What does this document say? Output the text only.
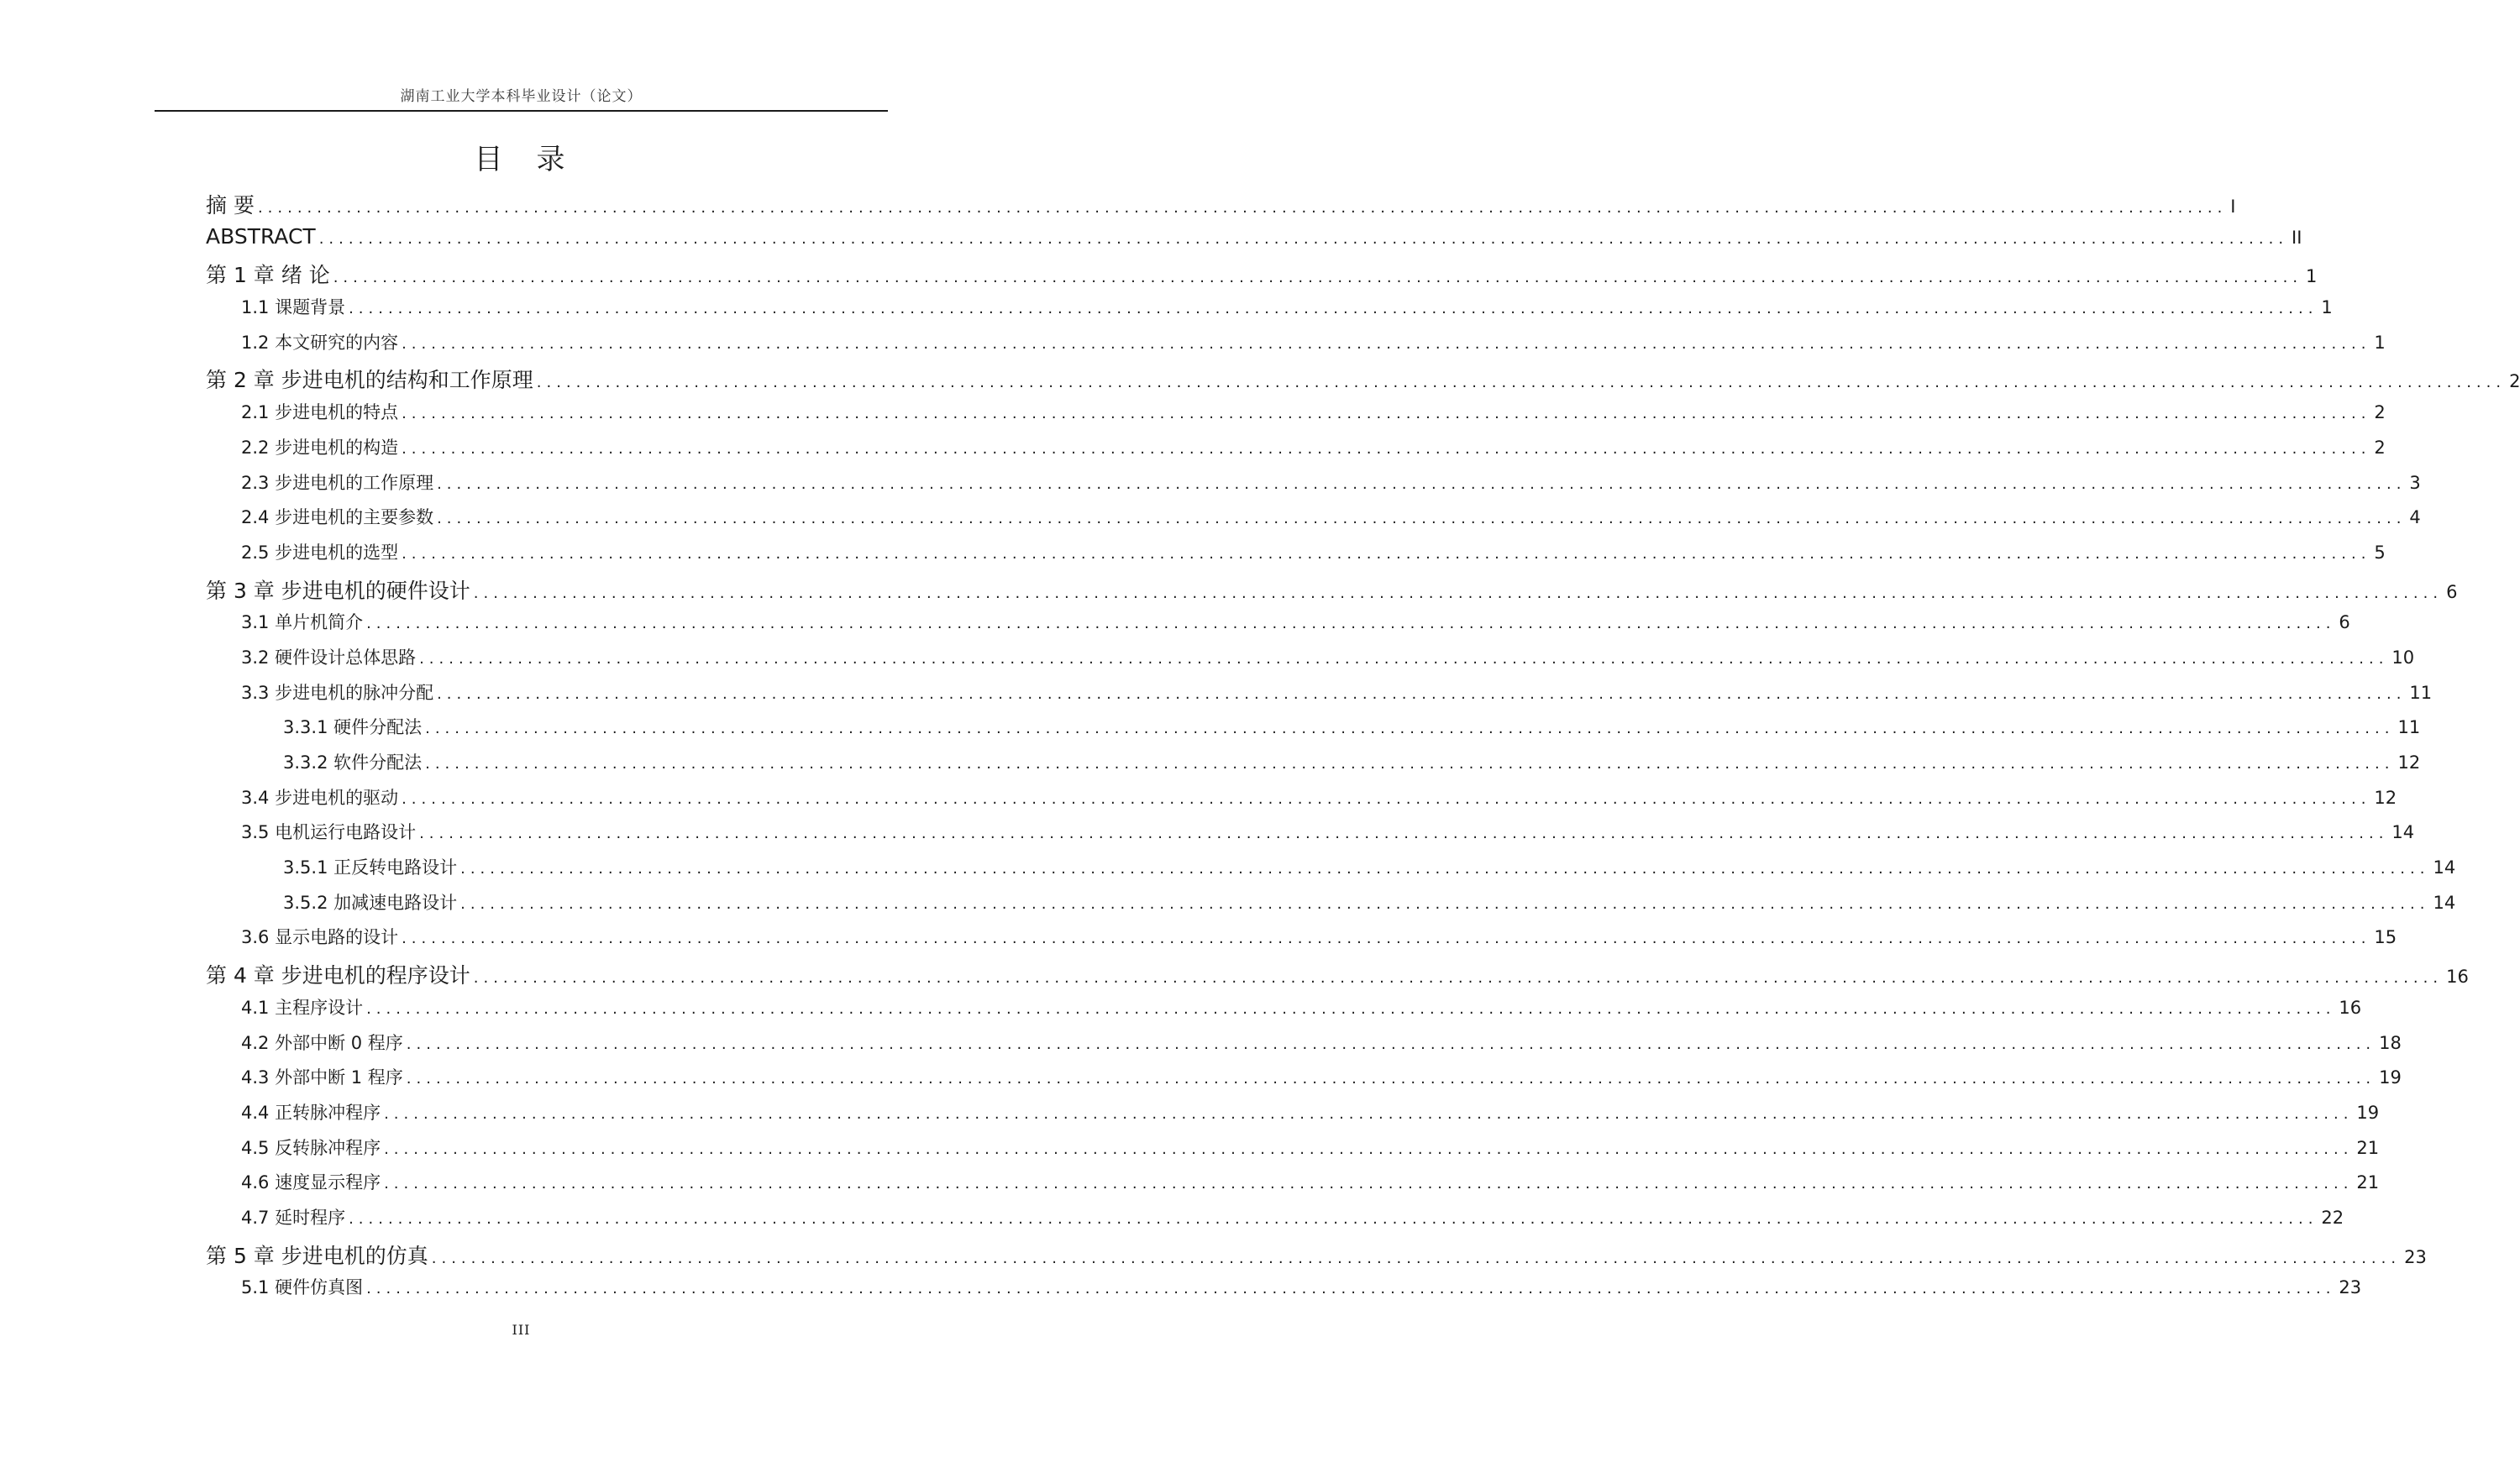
湖南工业大学本科毕业设计（论文）
目 录
摘 要 ........................................................................................................................................................................................................ I
ABSTRACT ........................................................................................................................................................................................................ II
第 1 章 绪 论 ........................................................................................................................................................................................................ 1
1.1 课题背景 ........................................................................................................................................................................................................ 1
1.2 本文研究的内容 ........................................................................................................................................................................................................ 1
第 2 章 步进电机的结构和工作原理 ........................................................................................................................................................................................................ 2
2.1 步进电机的特点 ........................................................................................................................................................................................................ 2
2.2 步进电机的构造 ........................................................................................................................................................................................................ 2
2.3 步进电机的工作原理 ........................................................................................................................................................................................................ 3
2.4 步进电机的主要参数 ........................................................................................................................................................................................................ 4
2.5 步进电机的选型 ........................................................................................................................................................................................................ 5
第 3 章 步进电机的硬件设计 ........................................................................................................................................................................................................ 6
3.1 单片机简介 ........................................................................................................................................................................................................ 6
3.2 硬件设计总体思路 ........................................................................................................................................................................................................ 10
3.3 步进电机的脉冲分配 ........................................................................................................................................................................................................ 11
3.3.1 硬件分配法 ........................................................................................................................................................................................................ 11
3.3.2 软件分配法 ........................................................................................................................................................................................................ 12
3.4 步进电机的驱动 ........................................................................................................................................................................................................ 12
3.5 电机运行电路设计 ........................................................................................................................................................................................................ 14
3.5.1 正反转电路设计 ........................................................................................................................................................................................................ 14
3.5.2 加减速电路设计 ........................................................................................................................................................................................................ 14
3.6 显示电路的设计 ........................................................................................................................................................................................................ 15
第 4 章 步进电机的程序设计 ........................................................................................................................................................................................................ 16
4.1 主程序设计 ........................................................................................................................................................................................................ 16
4.2 外部中断 0 程序 ........................................................................................................................................................................................................ 18
4.3 外部中断 1 程序 ........................................................................................................................................................................................................ 19
4.4 正转脉冲程序 ........................................................................................................................................................................................................ 19
4.5 反转脉冲程序 ........................................................................................................................................................................................................ 21
4.6 速度显示程序 ........................................................................................................................................................................................................ 21
4.7 延时程序 ........................................................................................................................................................................................................ 22
第 5 章 步进电机的仿真 ........................................................................................................................................................................................................ 23
5.1 硬件仿真图 ........................................................................................................................................................................................................ 23
III
